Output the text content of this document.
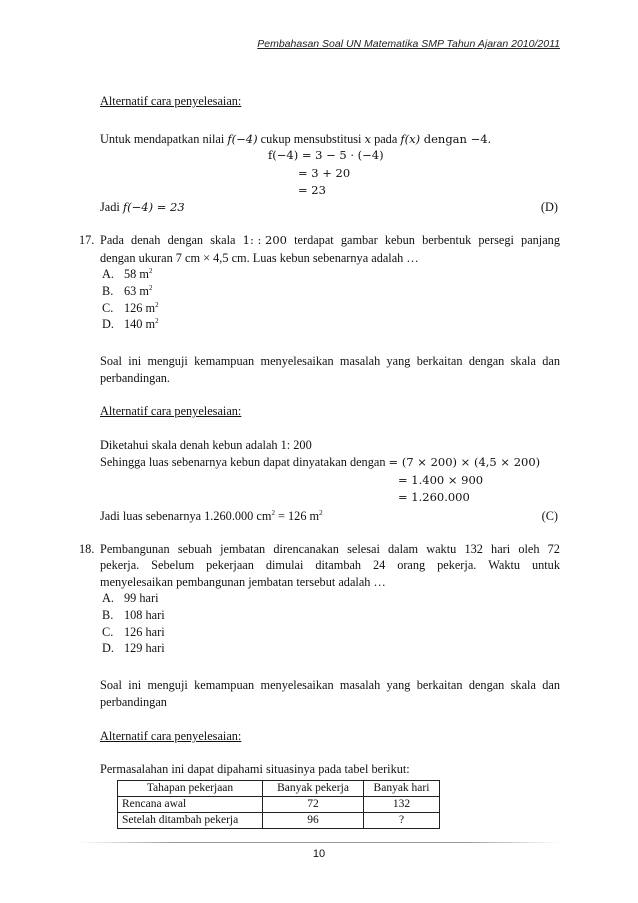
Pembahasan Soal UN Matematika SMP Tahun Ajaran 2010/2011
Alternatif cara penyelesaian:
Untuk mendapatkan nilai f(−4) cukup mensubstitusi x pada f(x) dengan −4.
f(−4) = 3 − 5 · (−4)
= 3 + 20
= 23
Jadi f(−4) = 23	(D)
17. Pada denah dengan skala 1: : 200 terdapat gambar kebun berbentuk persegi panjang
dengan ukuran 7 cm × 4,5 cm. Luas kebun sebenarnya adalah …
A. 58 $m^2$
B. 63 $m^2$
C. 126 $m^2$
D. 140 $m^2$
Soal ini menguji kemampuan menyelesaikan masalah yang berkaitan dengan skala dan
perbandingan.
Alternatif cara penyelesaian:
Diketahui skala denah kebun adalah 1: 200
Sehingga luas sebenarnya kebun dapat dinyatakan dengan = (7 × 200) × (4,5 × 200)
= 1.400 × 900
= 1.260.000
Jadi luas sebenarnya 1.260.000 $cm^2 = 126$ $m^2$	(C)
18. Pembangunan sebuah jembatan direncanakan selesai dalam waktu 132 hari oleh 72
pekerja. Sebelum pekerjaan dimulai ditambah 24 orang pekerja. Waktu untuk
menyelesaikan pembangunan jembatan tersebut adalah …
A. 99 hari
B. 108 hari
C. 126 hari
D. 129 hari
Soal ini menguji kemampuan menyelesaikan masalah yang berkaitan dengan skala dan
perbandingan
Alternatif cara penyelesaian:
Permasalahan ini dapat dipahami situasinya pada tabel berikut:
Tahapan pekerjaan	Banyak pekerja	Banyak hari
Rencana awal	72	132
Setelah ditambah pekerja	96	?
10
